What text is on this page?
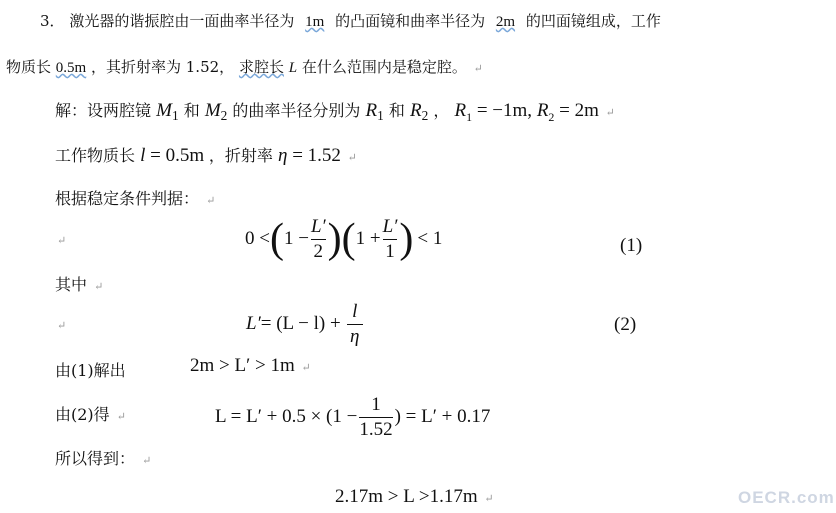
3． 激光器的谐振腔由一面曲率半径为 1m 的凸面镜和曲率半径为 2m 的凹面镜组成，工作
物质长 0.5m ，其折射率为 1.52， 求腔长 L 在什么范围内是稳定腔。 ↵
解：设两腔镜 $M_1$ 和 $M_2$ 的曲率半径分别为 $R_1$ 和 $R_2$ ， $R_1 = -1m$, $R_2 = 2m$ ↵
工作物质长 l = 0.5m ，折射率 η = 1.52 ↵
根据稳定条件判据： ↵
↵	0 < ( $1 - \frac{L'}{2}$ ) ( $1 + \frac{L'}{1}$ ) < 1	(1)
其中 ↵
↵	$L' = (L - l) + \frac{l}{\eta}$	(2)
由(1)解出	2m > L′ > 1m ↵
由(2)得 ↵	$L = L' + 0.5 \times (1 - \frac{1}{1.52}$ ) = L′ + 0.17
所以得到： ↵
2.17m > L >1.17m ↵	OECR.com
